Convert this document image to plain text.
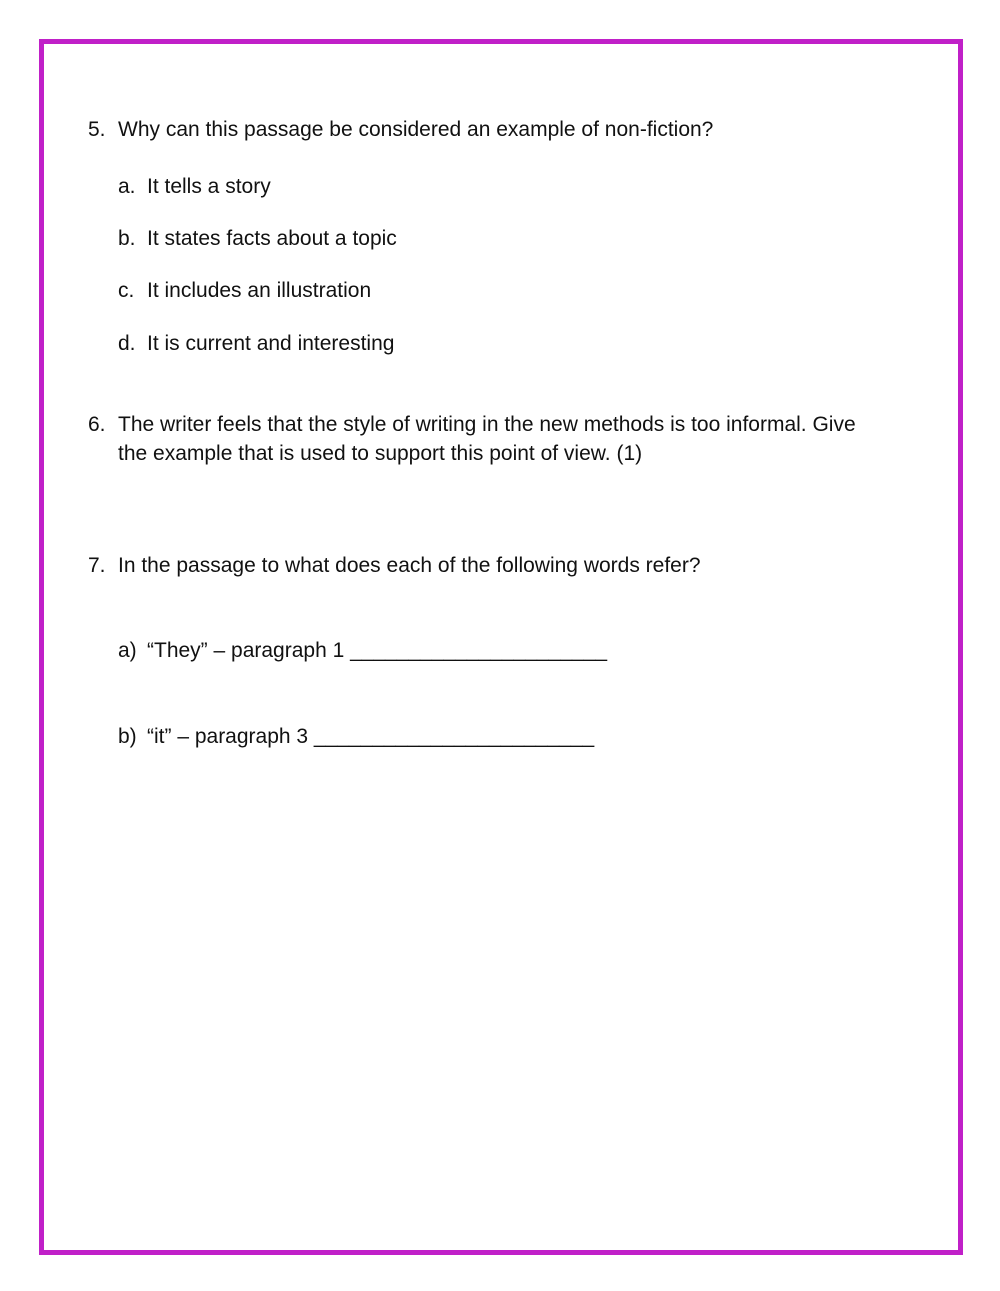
5. Why can this passage be considered an example of non-fiction?
a. It tells a story
b. It states facts about a topic
c. It includes an illustration
d. It is current and interesting
6. The writer feels that the style of writing in the new methods is too informal. Give
the example that is used to support this point of view. (1)
7. In the passage to what does each of the following words refer?
a) “They” – paragraph 1 ______________________
b) “it” – paragraph 3 ________________________
